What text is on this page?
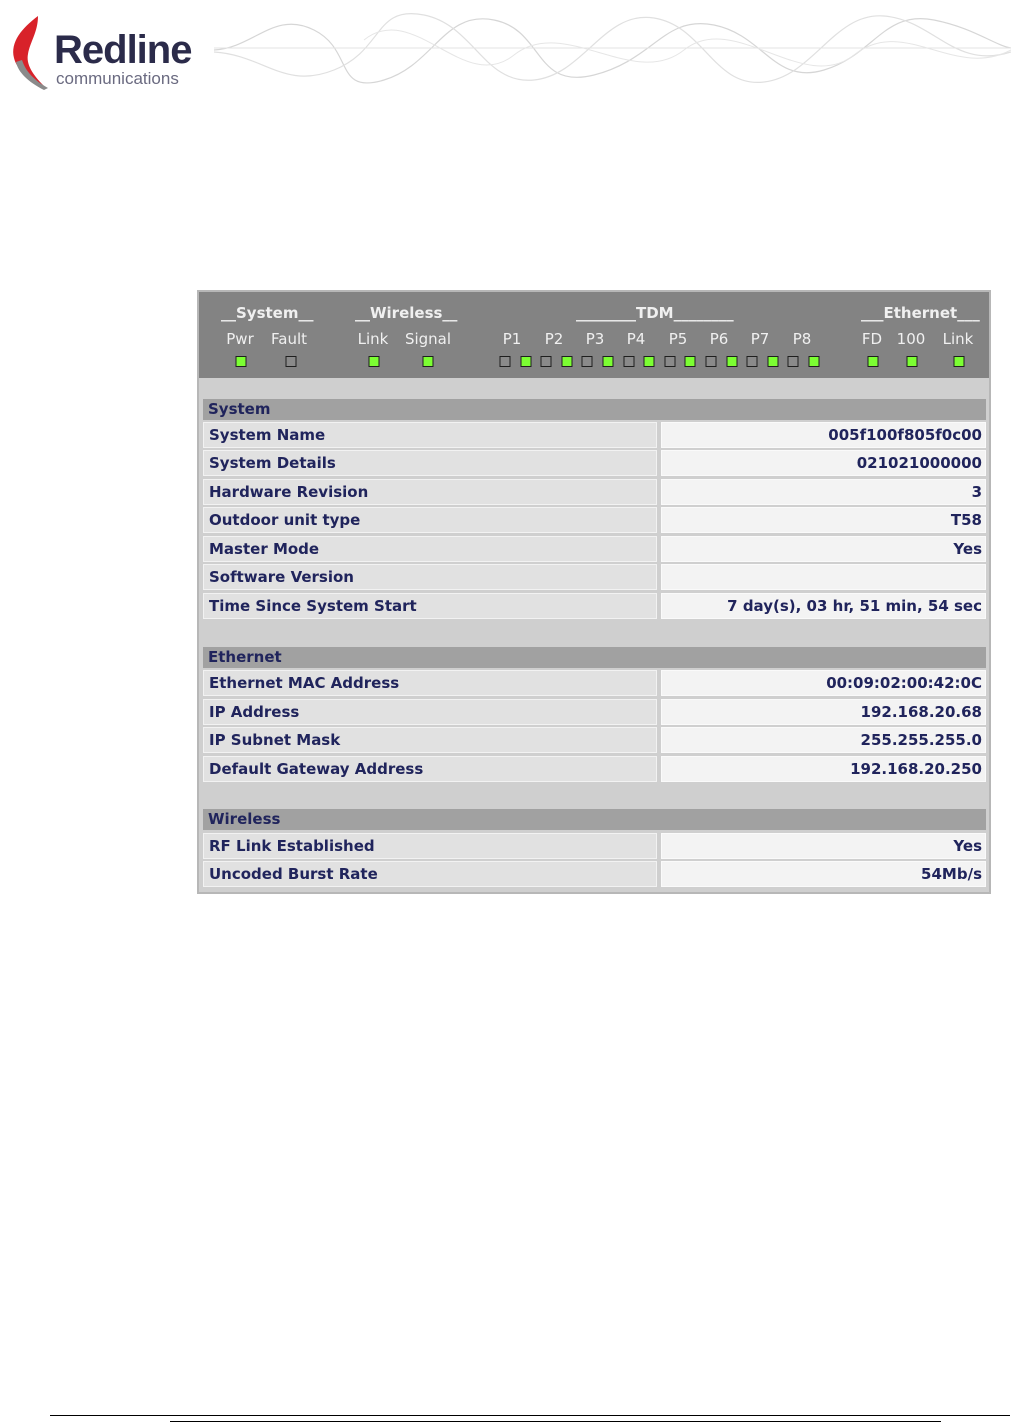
Redline
communications
__System__	__Wireless__	________TDM________	___Ethernet___
Pwr Fault	Link Signal	P1 P2 P3 P4 P5 P6 P7 P8	FD 100 Link
System
System Name	005f100f805f0c00
System Details	021021000000
Hardware Revision	3
Outdoor unit type	T58
Master Mode	Yes
Software Version
Time Since System Start	7 day(s), 03 hr, 51 min, 54 sec
Ethernet
Ethernet MAC Address	00:09:02:00:42:0C
IP Address	192.168.20.68
IP Subnet Mask	255.255.255.0
Default Gateway Address	192.168.20.250
Wireless
RF Link Established	Yes
Uncoded Burst Rate	54Mb/s
